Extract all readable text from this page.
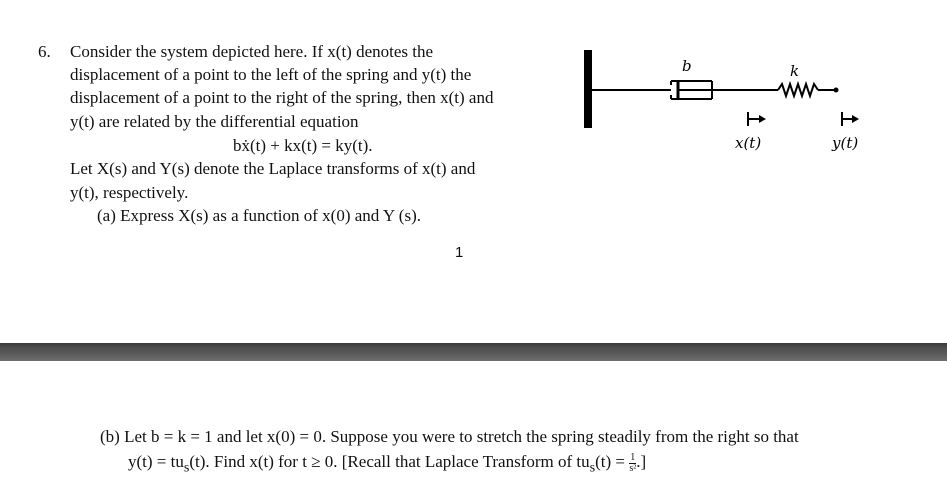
6. Consider the system depicted here. If x(t) denotes the
displacement of a point to the left of the spring and y(t) the
displacement of a point to the right of the spring, then x(t) and
y(t) are related by the differential equation
bẋ(t) + kx(t) = ky(t).
Let X(s) and Y(s) denote the Laplace transforms of x(t) and
y(t), respectively.
(a) Express X(s) as a function of x(0) and Y (s).
b	k
x(t)	y(t)
1
(b) Let b = k = 1 and let x(0) = 0. Suppose you were to stretch the spring steadily from the right so that
$y(t) = tu_s(t)$. Find x(t) for t ≥ 0. [Recall that Laplace Transform of $tu_s(t) = \frac{1}{\text{s²}}$ .]
